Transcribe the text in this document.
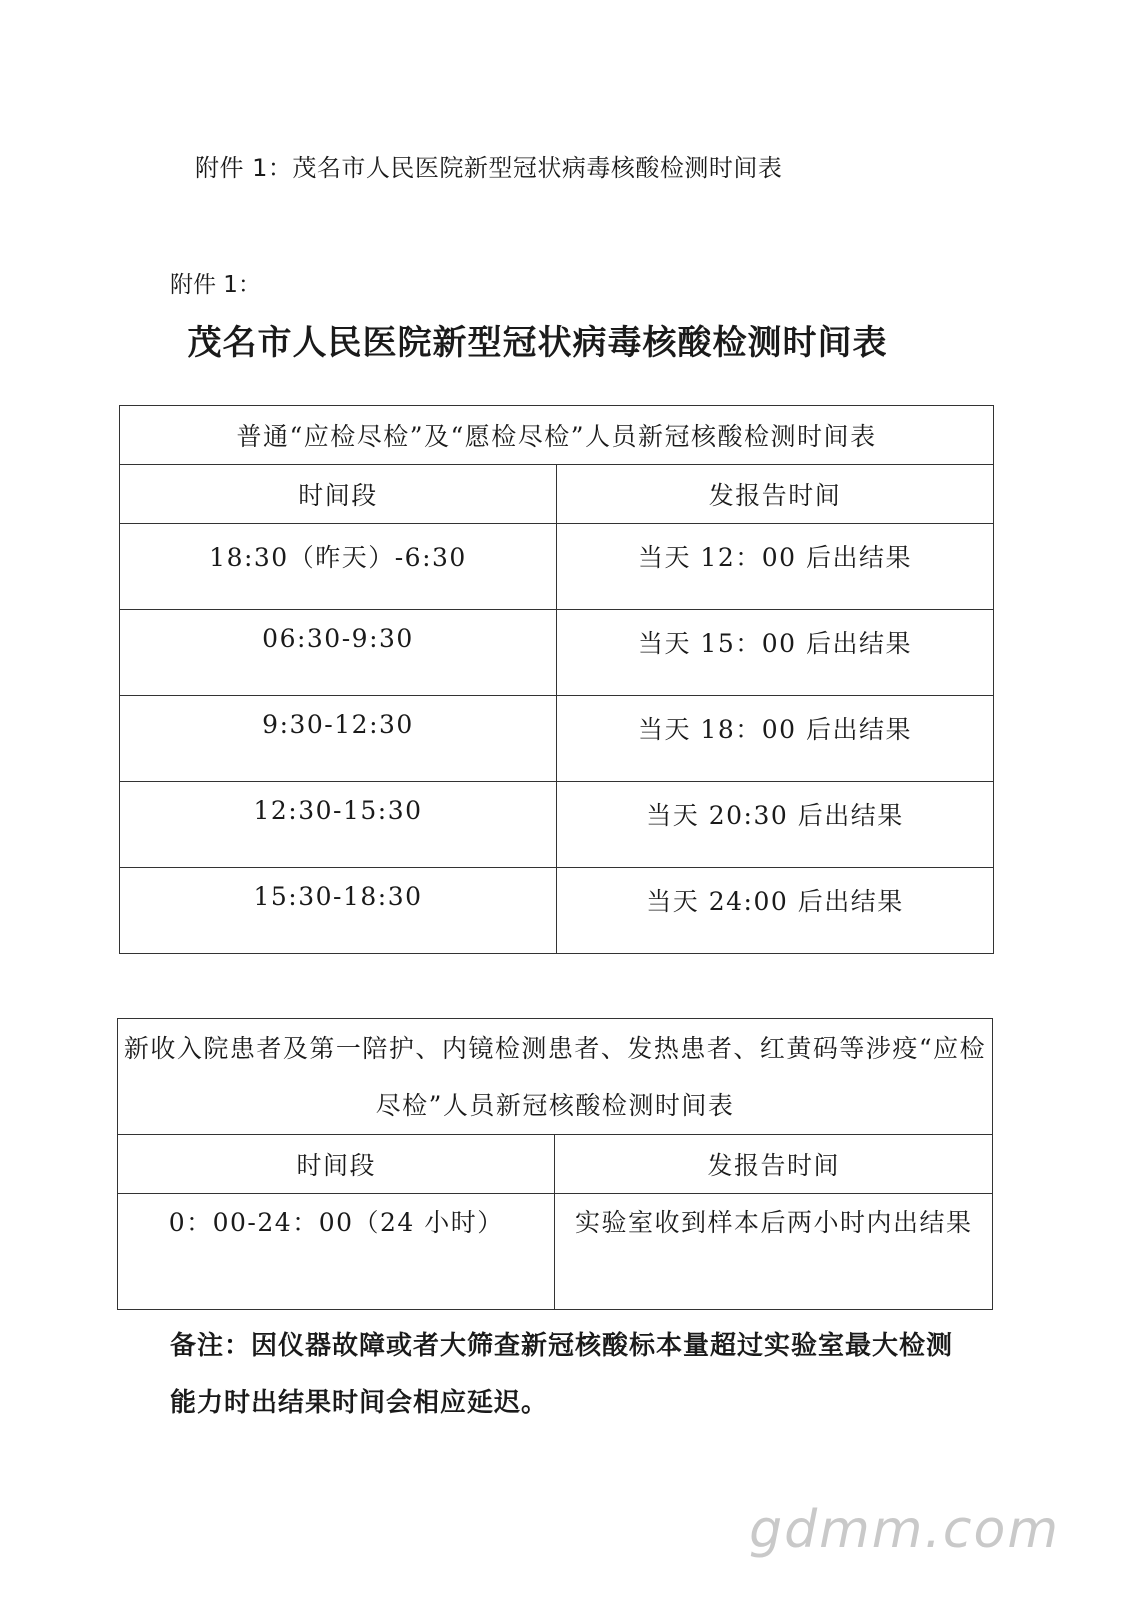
附件 1：茂名市人民医院新型冠状病毒核酸检测时间表
附件 1：
茂名市人民医院新型冠状病毒核酸检测时间表
普通“应检尽检”及“愿检尽检”人员新冠核酸检测时间表	
时间段	发报告时间

18:30（昨天）-6:30	当天 12：00 后出结果

06:30-9:30	当天 15：00 后出结果

9:30-12:30	当天 18：00 后出结果

12:30-15:30	当天 20:30 后出结果

15:30-18:30	当天 24:00 后出结果
新收入院患者及第一陪护、内镜检测患者、发热患者、红黄码等涉疫“应检尽检”人员新冠核酸检测时间表	
时间段	发报告时间

0：00-24：00（24 小时）	实验室收到样本后两小时内出结果
备注：因仪器故障或者大筛查新冠核酸标本量超过实验室最大检测能力时出结果时间会相应延迟。
gdmm.com
